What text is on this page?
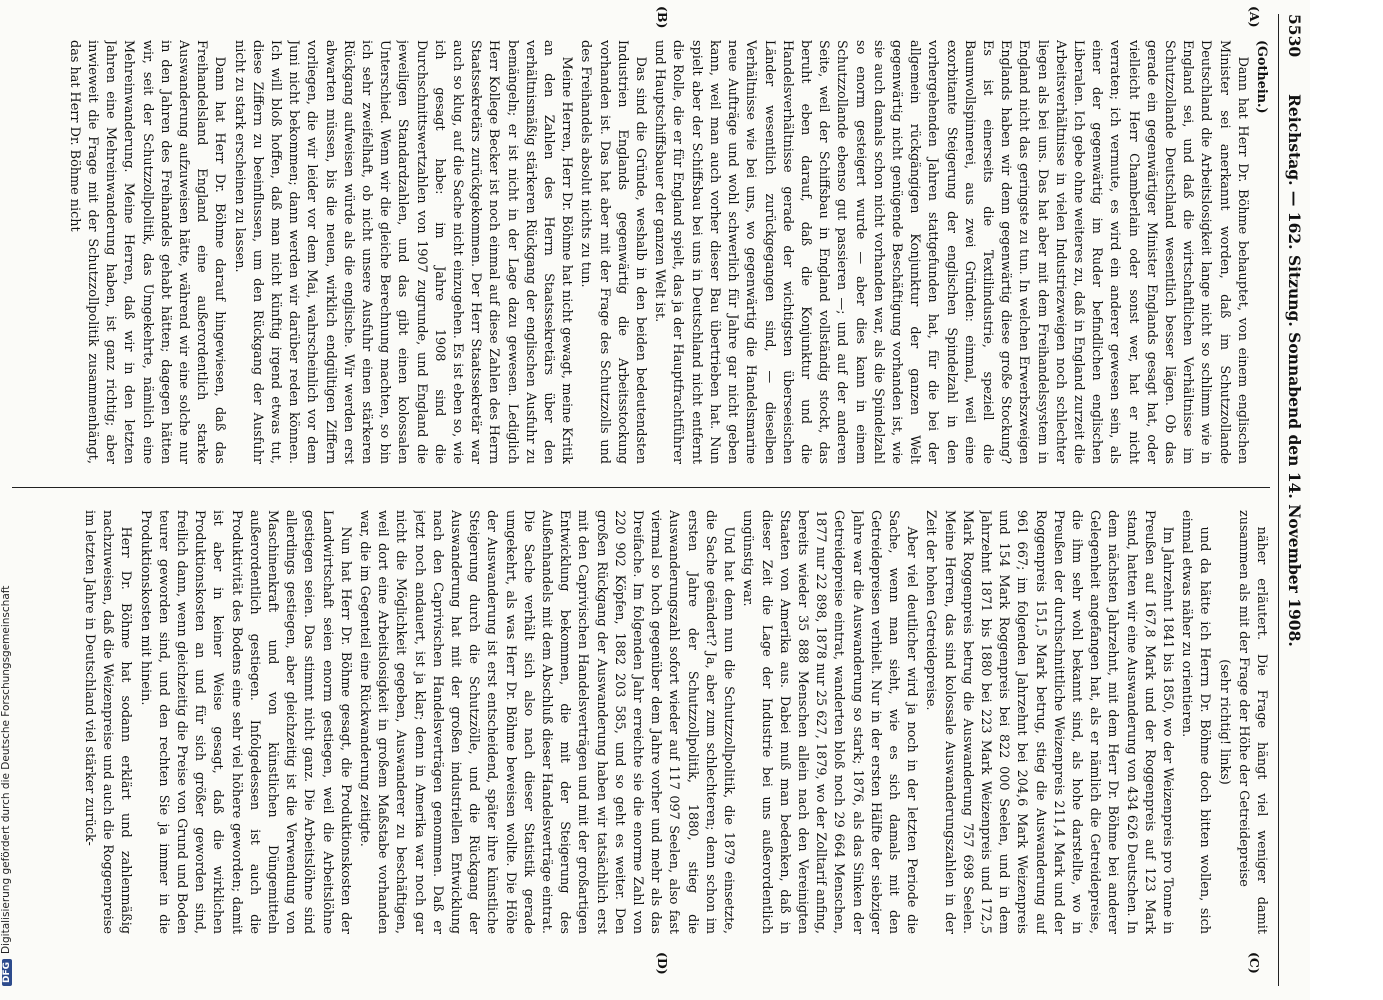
5530
Reichstag. — 162. Sitzung. Sonnabend den 14. November 1908.
(A)
(B)
(C)
(D)

(Gothein.)

Dann hat Herr Dr. Böhme behauptet, von einem englischen Minister sei anerkannt worden, daß im Schutzzollande Deutschland die Arbeitslosigkeit lange nicht so schlimm wie in England sei, und daß die wirtschaftlichen Verhältnisse im Schutzzollande Deutschland wesentlich besser lägen. Ob das gerade ein gegenwärtiger Minister Englands gesagt hat, oder vielleicht Herr Chamberlain oder sonst wer, hat er nicht verraten; ich vermute, es wird ein anderer gewesen sein, als einer der gegenwärtig im Ruder befindlichen englischen Liberalen. Ich gebe ohne weiteres zu, daß in England zurzeit die Arbeitsverhältnisse in vielen Industriezweigen noch schlechter liegen als bei uns. Das hat aber mit dem Freihandelssystem in England nicht das geringste zu tun. In welchen Erwerbszweigen Englands haben wir denn gegenwärtig diese große Stockung? Es ist einerseits die Textilindustrie, speziell die Baumwollspinnerei, aus zwei Gründen: einmal, weil eine exorbitante Steigerung der englischen Spindelzahl in den vorhergehenden Jahren stattgefunden hat, für die bei der allgemein rückgängigen Konjunktur der ganzen Welt gegenwärtig nicht genügende Beschäftigung vorhanden ist, wie sie auch damals schon nicht vorhanden war, als die Spindelzahl so enorm gesteigert wurde — aber dies kann in einem Schutzzollande ebenso gut passieren —; und auf der anderen Seite, weil der Schiffsbau in England vollständig stockt, das beruht eben darauf, daß die Konjunktur und die Handelsverhältnisse gerade der wichtigsten überseeischen Länder wesentlich zurückgegangen sind, — dieselben Verhältnisse wie bei uns, wo gegenwärtig die Handelsmarine neue Aufträge und wohl schwerlich für Jahre gar nicht geben kann, weil man auch vorher dieser Bau übertrieben hat. Nun spielt aber der Schiffsbau bei uns in Deutschland nicht entfernt die Rolle, die er für England spielt, das ja der Hauptfrachtführer und Hauptschiffsbauer der ganzen Welt ist.

Das sind die Gründe, weshalb in den beiden bedeutendsten Industrien Englands gegenwärtig die Arbeitsstockung vorhanden ist. Das hat aber mit der Frage des Schutzzolls und des Freihandels absolut nichts zu tun.

Meine Herren, Herr Dr. Böhme hat nicht gewagt, meine Kritik an den Zahlen des Herrn Staatssekretärs über den verhältnismäßig stärkeren Rückgang der englischen Ausfuhr zu bemängeln; er ist nicht in der Lage dazu gewesen. Lediglich Herr Kollege Becker ist noch einmal auf diese Zahlen des Herrn Staatssekretärs zurückgekommen. Der Herr Staatssekretär war auch so klug, auf die Sache nicht einzugehen. Es ist eben so, wie ich gesagt habe: im Jahre 1908 sind die Durchschnittswertzahlen von 1907 zugrunde, und England die jeweiligen Standardzahlen, und das gibt einen kolossalen Unterschied. Wenn wir die gleiche Berechnung machten, so bin ich sehr zweifelhaft, ob nicht unsere Ausfuhr einen stärkeren Rückgang aufweisen würde als die englische. Wir werden erst abwarten müssen, bis die neuen, wirklich endgültigen Ziffern vorliegen, die wir leider vor dem Mai, wahrscheinlich vor dem Juni nicht bekommen; dann werden wir darüber reden können. Ich will bloß hoffen, daß man nicht künftig irgend etwas tut, diese Ziffern zu beeinflussen, um den Rückgang der Ausfuhr nicht zu stark erscheinen zu lassen.

Dann hat Herr Dr. Böhme darauf hingewiesen, daß das Freihandelsland England eine außerordentlich starke Auswanderung aufzuweisen hätte, während wir eine solche nur in den Jahren des Freihandels gehabt hätten; dagegen hätten wir, seit der Schutzzollpolitik, das Umgekehrte, nämlich eine Mehreinwanderung. Meine Herren, daß wir in den letzten Jahren eine Mehreinwanderung haben, ist ganz richtig; aber inwieweit die Frage mit der Schutzzollpolitik zusammenhängt, das hat Herr Dr. Böhme nicht

näher erläutert. Die Frage hängt viel weniger damit zusammen als mit der Frage der Höhe der Getreidepreise

(sehr richtig! links)

und da hätte ich Herrn Dr. Böhme doch bitten wollen, sich einmal etwas näher zu orientieren.

Im Jahrzehnt 1841 bis 1850, wo der Weizenpreis pro Tonne in Preußen auf 167,8 Mark und der Roggenpreis auf 123 Mark stand, hatten wir eine Auswanderung von 434 626 Deutschen. In dem nächsten Jahrzehnt, mit dem Herr Dr. Böhme bei anderer Gelegenheit angefangen hat, als er nämlich die Getreidepreise, die ihm sehr wohl bekannt sind, als hohe darstellte, wo in Preußen der durchschnittliche Weizenpreis 211,4 Mark und der Roggenpreis 151,5 Mark betrug, stieg die Auswanderung auf 961 667; im folgenden Jahrzehnt bei 204,6 Mark Weizenpreis und 154 Mark Roggenpreis bei 822 000 Seelen, und in dem Jahrzehnt 1871 bis 1880 bei 223 Mark Weizenpreis und 172,5 Mark Roggenpreis betrug die Auswanderung 757 698 Seelen. Meine Herren, das sind kolossale Auswanderungszahlen in der Zeit der hohen Getreidepreise.

Aber viel deutlicher wird ja noch in der letzten Periode die Sache, wenn man sieht, wie es sich damals mit den Getreidepreisen verhielt. Nur in der ersten Hälfte der siebziger Jahre war die Auswanderung so stark; 1876, als das Sinken der Getreidepreise eintrat, wanderten bloß noch 29 664 Menschen, 1877 nur 22 898, 1878 nur 25 627, 1879, wo der Zolltarif anfing, bereits wieder 35 888 Menschen allein nach den Vereinigten Staaten von Amerika aus. Dabei muß man bedenken, daß in dieser Zeit die Lage der Industrie bei uns außerordentlich ungünstig war.

Und hat denn nun die Schutzzollpolitik, die 1879 einsetzte, die Sache geändert? Ja, aber zum schlechteren; denn schon im ersten Jahre der Schutzzollpolitik, 1880, stieg die Auswanderungszahl sofort wieder auf 117 097 Seelen, also fast viermal so hoch gegenüber dem Jahre vorher und mehr als das Dreifache. Im folgenden Jahr erreichte sie die enorme Zahl von 220 902 Köpfen, 1882 203 585, und so geht es weiter. Den großen Rückgang der Auswanderung haben wir tatsächlich erst mit den Caprivischen Handelsverträgen und mit der großartigen Entwicklung bekommen, die mit der Steigerung des Außenhandels mit dem Abschluß dieser Handelsverträge eintrat. Die Sache verhält sich also nach dieser Statistik gerade umgekehrt, als was Herr Dr. Böhme beweisen wollte. Die Höhe der Auswanderung ist erst entscheidend, später ihre künstliche Steigerung durch die Schutzzölle, und die Rückgang der Auswanderung hat mit der großen industriellen Entwicklung nach den Caprivischen Handelsverträgen genommen. Daß er jetzt noch andauert, ist ja klar; denn in Amerika war noch gar nicht die Möglichkeit gegeben, Auswanderer zu beschäftigen, weil dort eine Arbeitslosigkeit in großem Maßstabe vorhanden war, die im Gegenteil eine Rückwanderung zeitigte.

Nun hat Herr Dr. Böhme gesagt, die Produktionskosten der Landwirtschaft seien enorm gestiegen, weil die Arbeitslöhne gestiegen seien. Das stimmt nicht ganz. Die Arbeitslöhne sind allerdings gestiegen, aber gleichzeitig ist die Verwendung von Maschinenkraft und von künstlichen Düngemitteln außerordentlich gestiegen. Infolgedessen ist auch die Produktivität des Bodens eine sehr viel höhere geworden; damit ist aber in keiner Weise gesagt, daß die wirklichen Produktionskosten an und für sich größer geworden sind, freilich dann, wenn gleichzeitig die Preise von Grund und Boden teurer geworden sind, und den rechten Sie ja immer in die Produktionskosten mit hinein.

Herr Dr. Böhme hat sodann erklärt und zahlenmäßig nachzuweisen, daß die Weizenpreise und auch die Roggenpreise im letzten Jahre in Deutschland viel stärker zurück-

DFGDigitalisierung gefördert durch die Deutsche Forschungsgemeinschaft
